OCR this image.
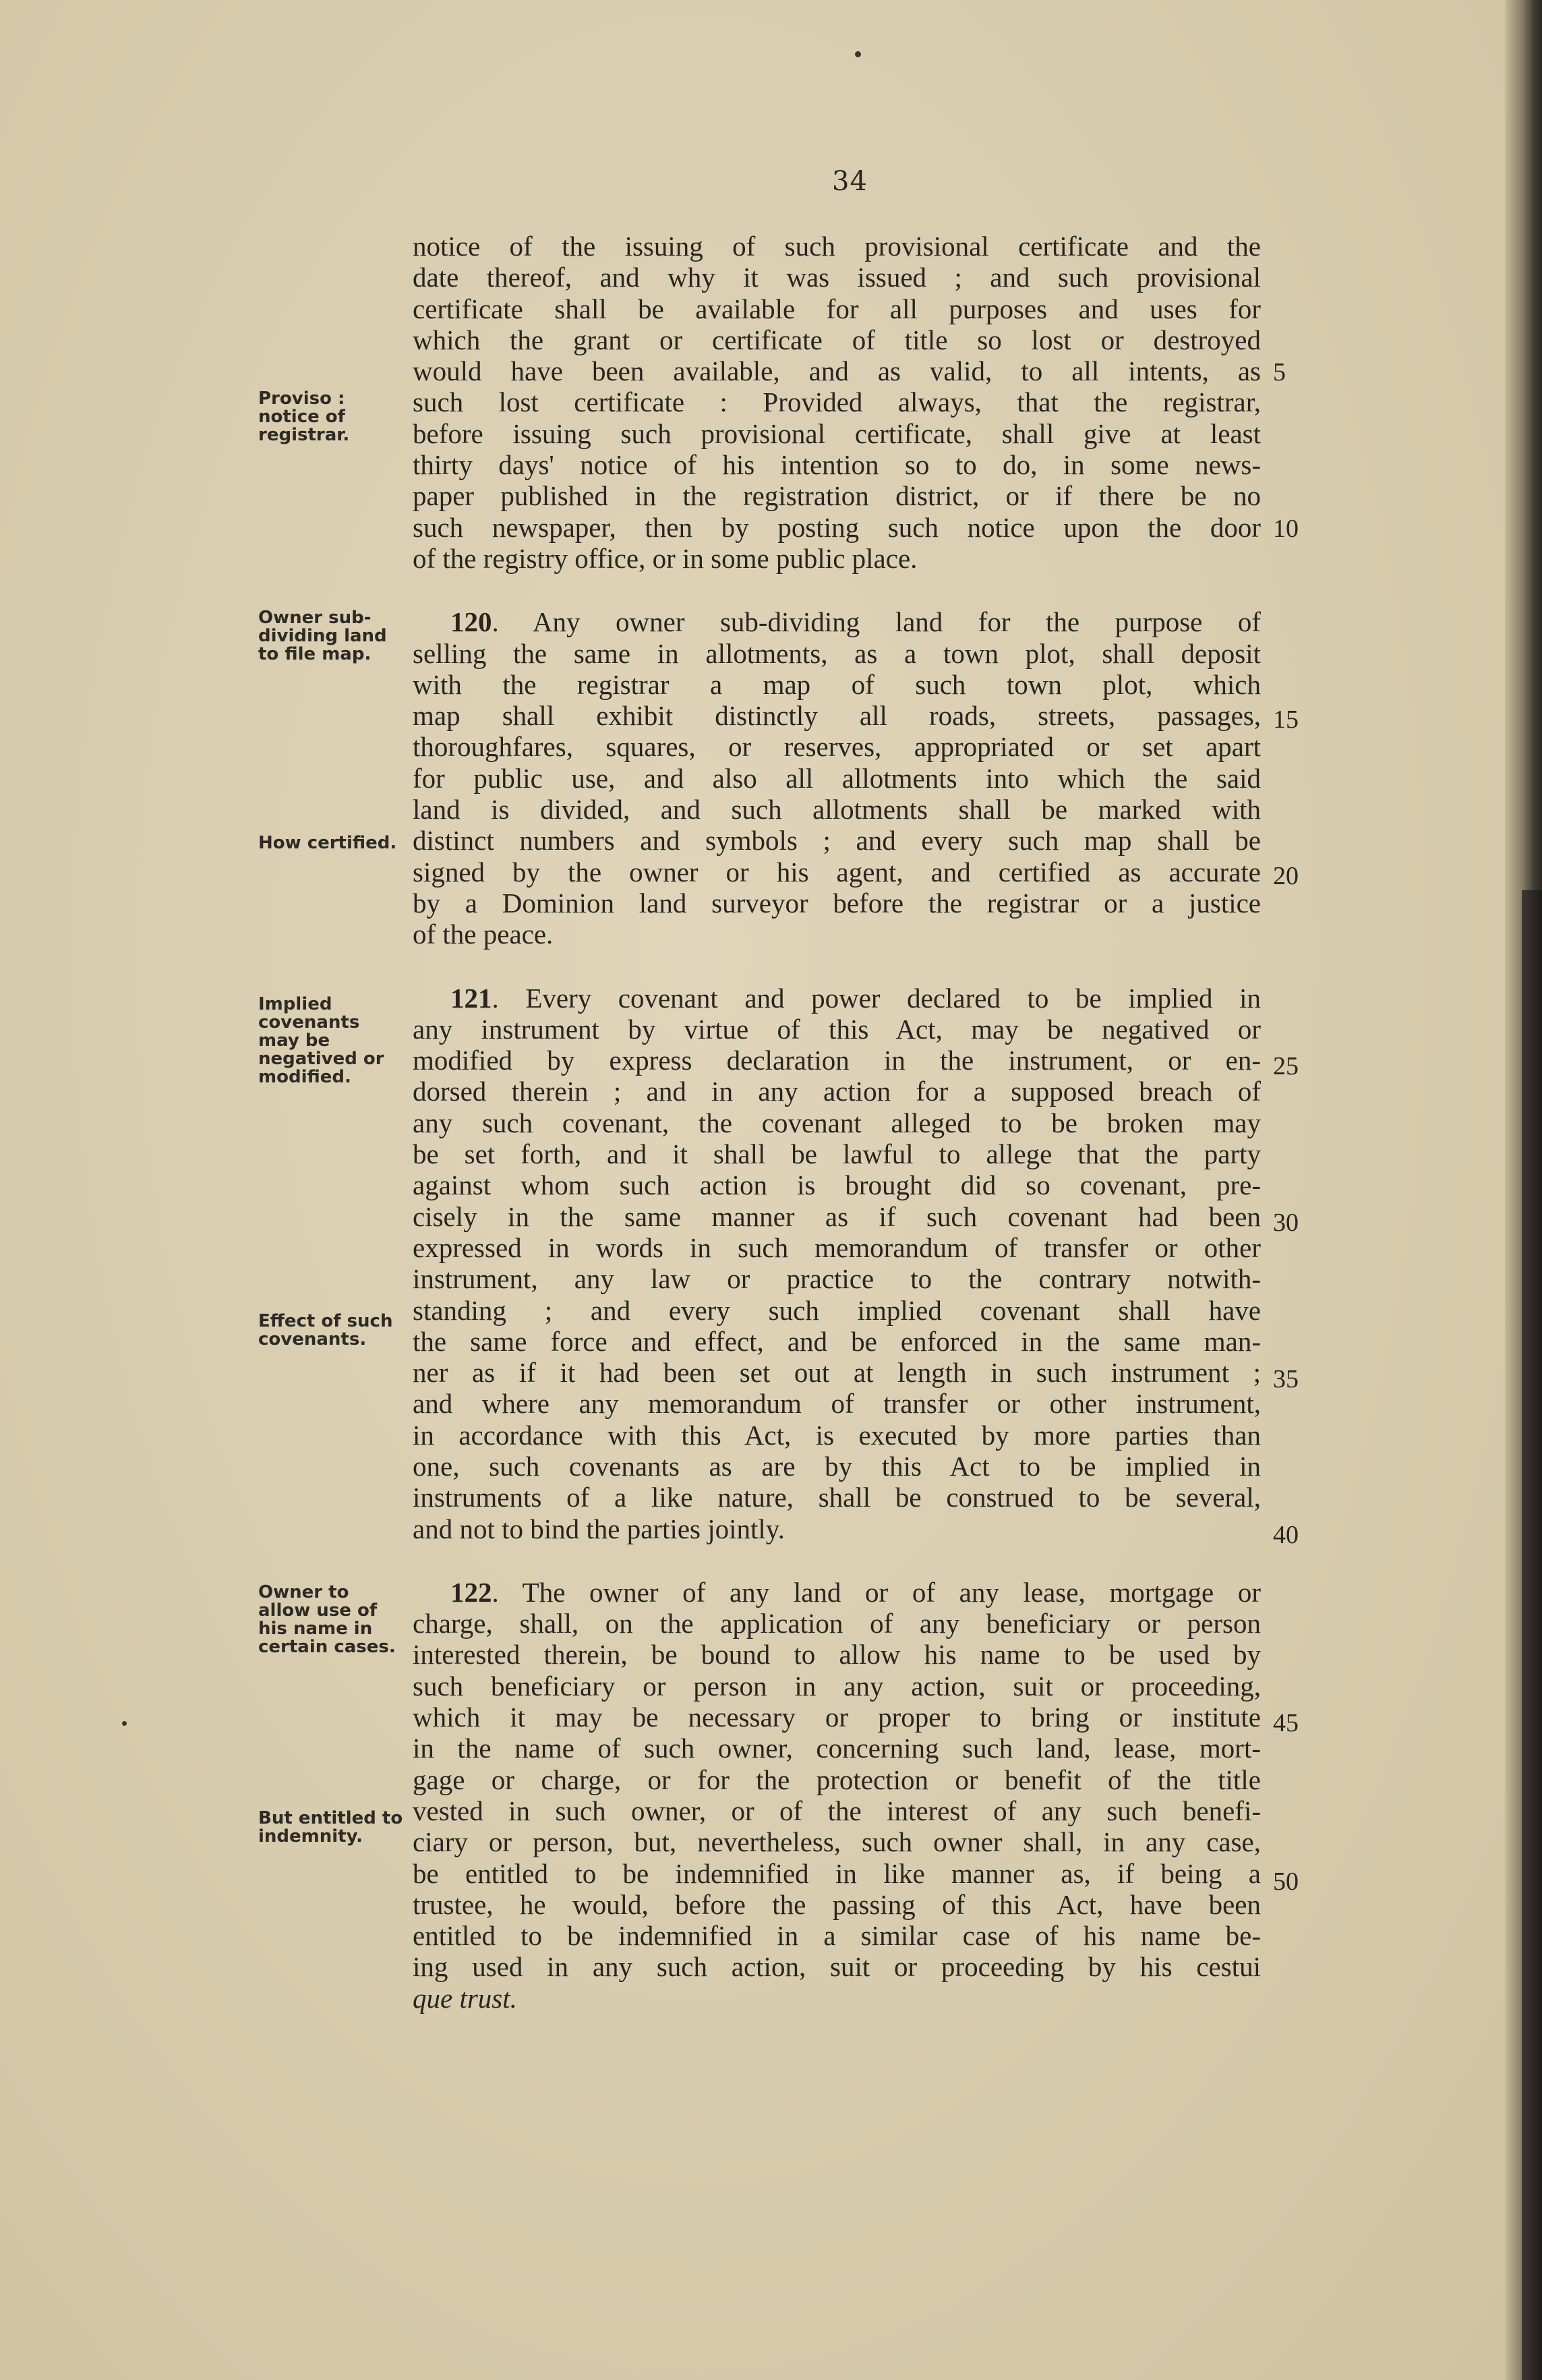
34
notice of the issuing of such provisional certificate and the
date thereof, and why it was issued ; and such provisional
certificate shall be available for all purposes and uses for
which the grant or certificate of title so lost or destroyed
would have been available, and as valid, to all intents, as
such lost certificate : Provided always, that the registrar,
before issuing such provisional certificate, shall give at least
thirty days' notice of his intention so to do, in some news-
paper published in the registration district, or if there be no
such newspaper, then by posting such notice upon the door
of the registry office, or in some public place.
120. Any owner sub-dividing land for the purpose of
selling the same in allotments, as a town plot, shall deposit
with the registrar a map of such town plot, which
map shall exhibit distinctly all roads, streets, passages,
thoroughfares, squares, or reserves, appropriated or set apart
for public use, and also all allotments into which the said
land is divided, and such allotments shall be marked with
distinct numbers and symbols ; and every such map shall be
signed by the owner or his agent, and certified as accurate
by a Dominion land surveyor before the registrar or a justice
of the peace.
121. Every covenant and power declared to be implied in
any instrument by virtue of this Act, may be negatived or
modified by express declaration in the instrument, or en-
dorsed therein ; and in any action for a supposed breach of
any such covenant, the covenant alleged to be broken may
be set forth, and it shall be lawful to allege that the party
against whom such action is brought did so covenant, pre-
cisely in the same manner as if such covenant had been
expressed in words in such memorandum of transfer or other
instrument, any law or practice to the contrary notwith-
standing ; and every such implied covenant shall have
the same force and effect, and be enforced in the same man-
ner as if it had been set out at length in such instrument ;
and where any memorandum of transfer or other instrument,
in accordance with this Act, is executed by more parties than
one, such covenants as are by this Act to be implied in
instruments of a like nature, shall be construed to be several,
and not to bind the parties jointly.
122. The owner of any land or of any lease, mortgage or
charge, shall, on the application of any beneficiary or person
interested therein, be bound to allow his name to be used by
such beneficiary or person in any action, suit or proceeding,
which it may be necessary or proper to bring or institute
in the name of such owner, concerning such land, lease, mort-
gage or charge, or for the protection or benefit of the title
vested in such owner, or of the interest of any such benefi-
ciary or person, but, nevertheless, such owner shall, in any case,
be entitled to be indemnified in like manner as, if being a
trustee, he would, before the passing of this Act, have been
entitled to be indemnified in a similar case of his name be-
ing used in any such action, suit or proceeding by his cestui
que trust.
Proviso : notice of registrar.
Owner sub-dividing land to file map.
How certified.
Implied covenants may be negatived or modified.
Effect of such covenants.
Owner to allow use of his name in certain cases.
But entitled to indemnity.
5
10
15
20
25
30
35
40
45
50
